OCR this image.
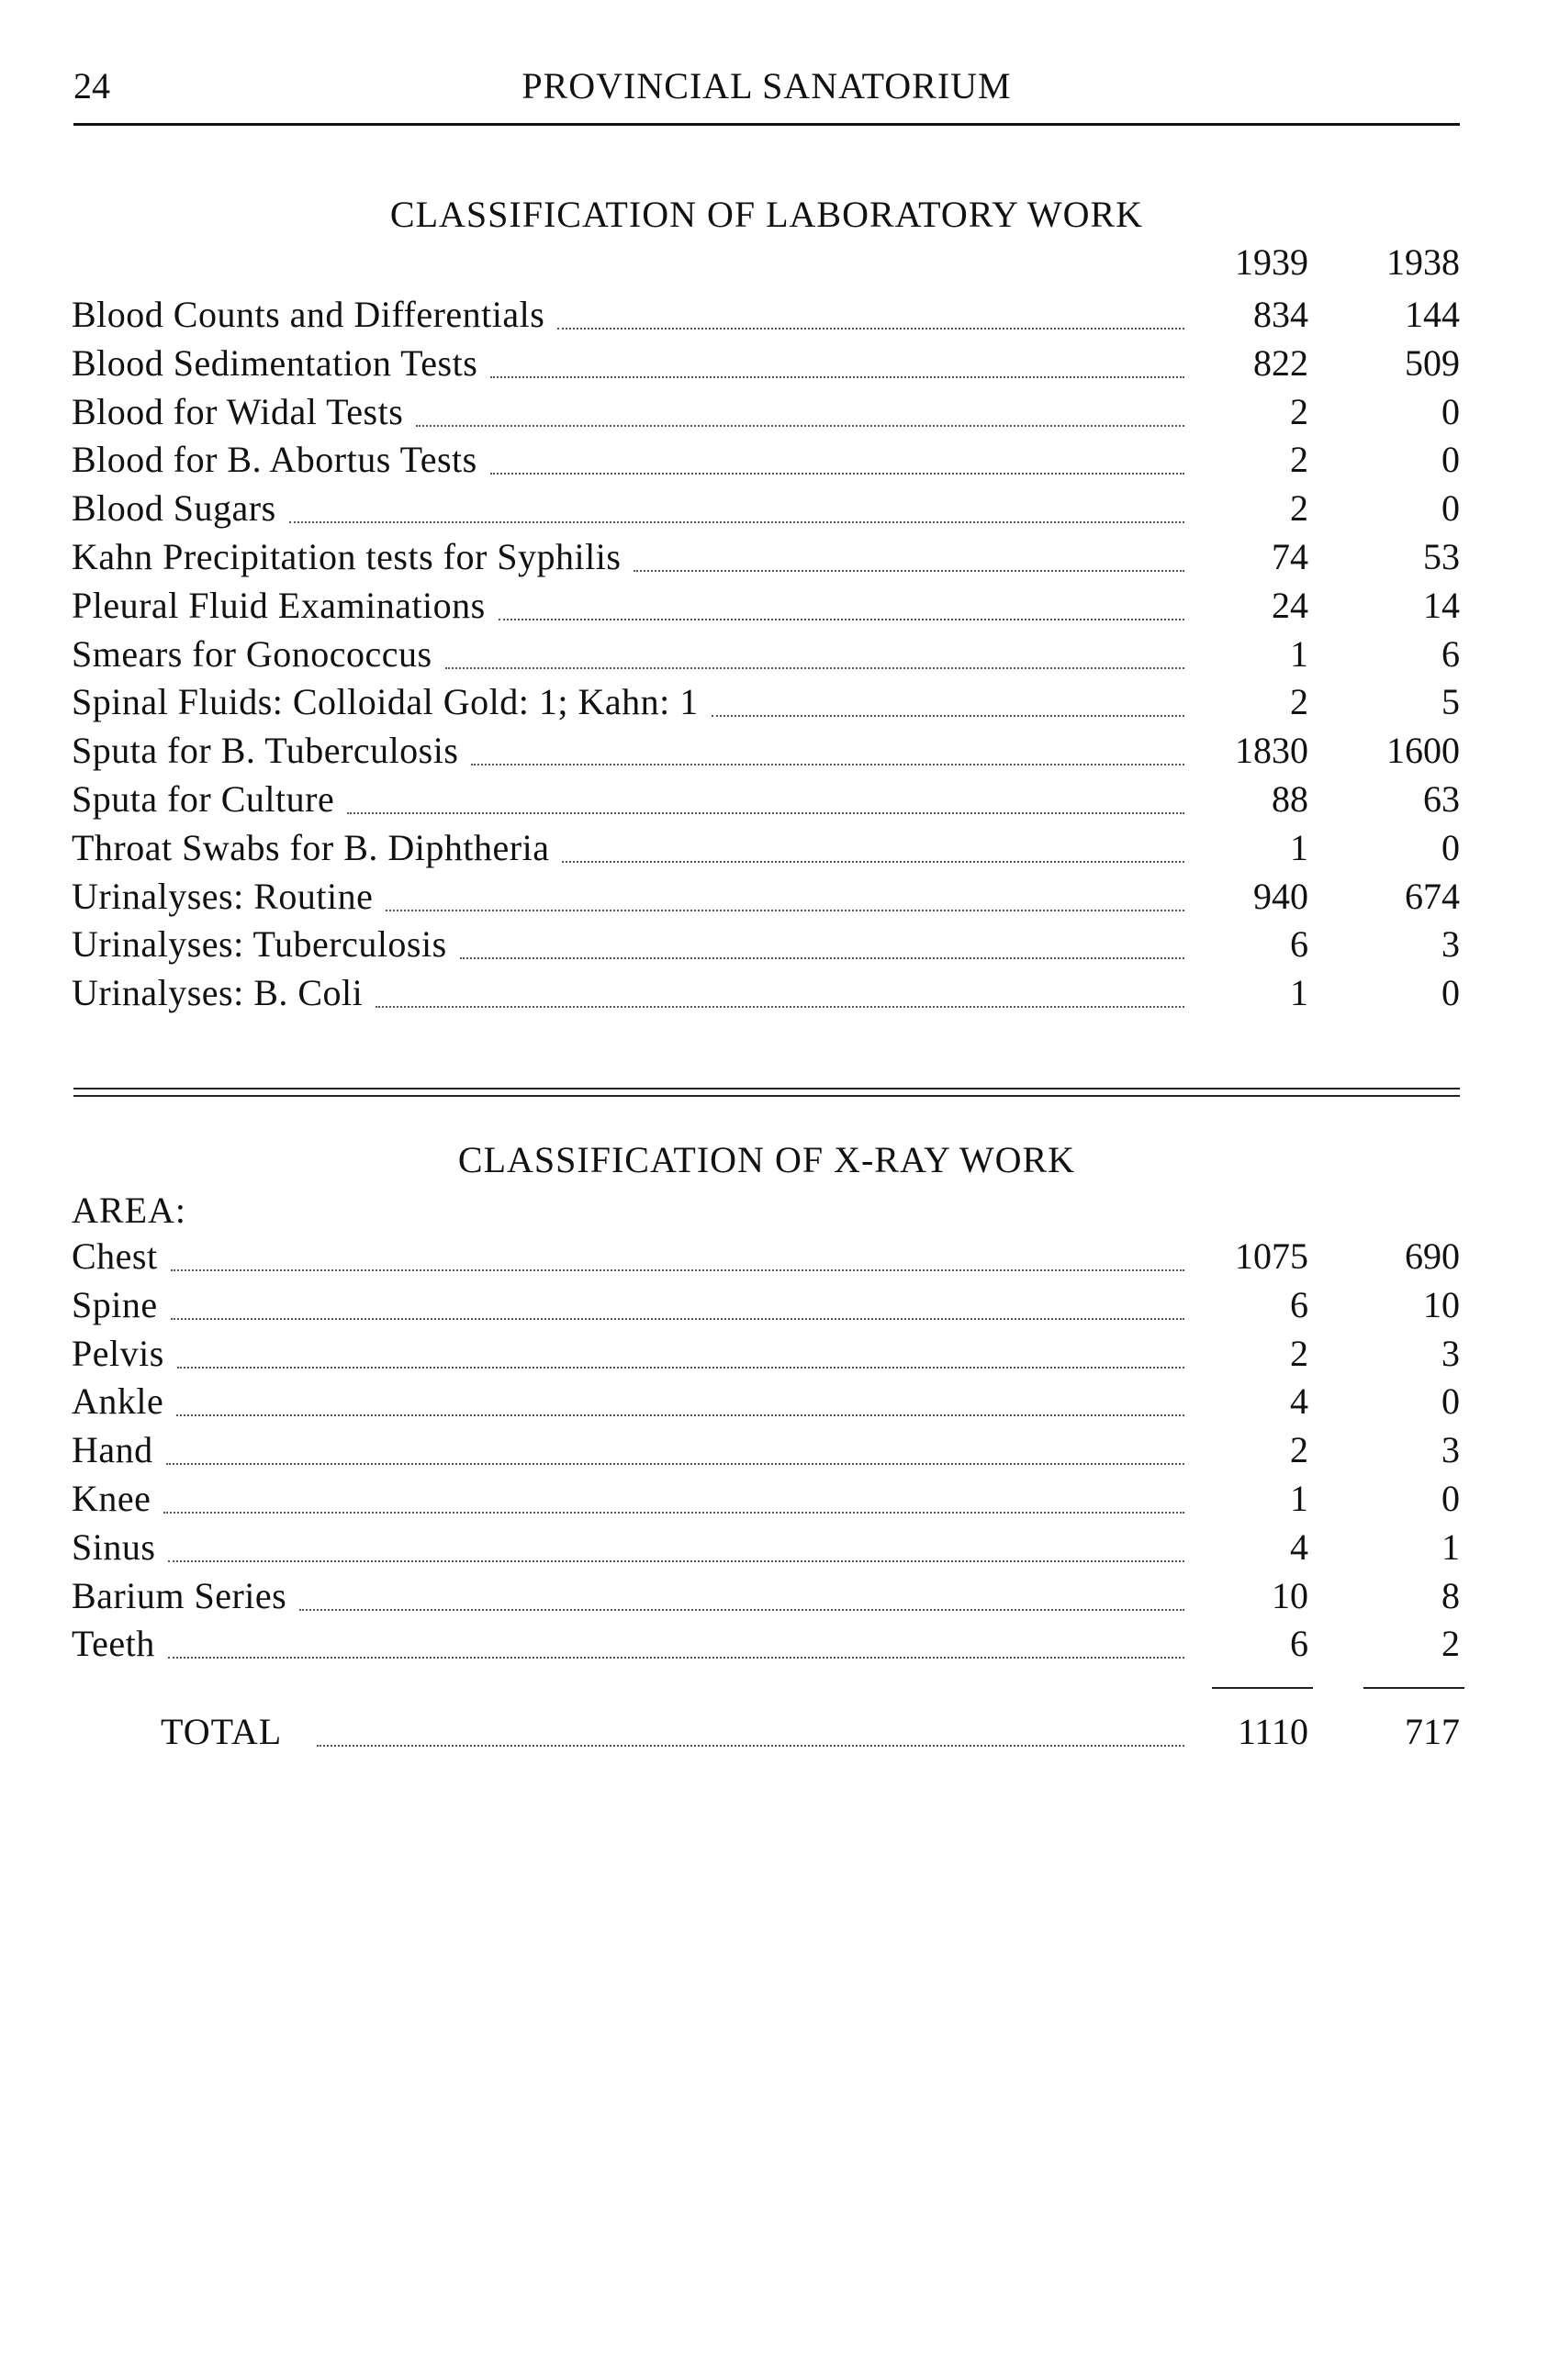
24	PROVINCIAL SANATORIUM
CLASSIFICATION OF LABORATORY WORK
1939	1938
Blood Counts and Differentials	834	144
Blood Sedimentation Tests	822	509
Blood for Widal Tests	2	0
Blood for B. Abortus Tests	2	0
Blood Sugars	2	0
Kahn Precipitation tests for Syphilis	74	53
Pleural Fluid Examinations	24	14
Smears for Gonococcus	1	6
Spinal Fluids: Colloidal Gold: 1; Kahn: 1	2	5
Sputa for B. Tuberculosis	1830	1600
Sputa for Culture	88	63
Throat Swabs for B. Diphtheria	1	0
Urinalyses: Routine	940	674
Urinalyses: Tuberculosis	6	3
Urinalyses: B. Coli	1	0
CLASSIFICATION OF X-RAY WORK
AREA:
Chest	1075	690
Spine	6	10
Pelvis	2	3
Ankle	4	0
Hand	2	3
Knee	1	0
Sinus	4	1
Barium Series	10	8
Teeth	6	2
TOTAL	1110	717
